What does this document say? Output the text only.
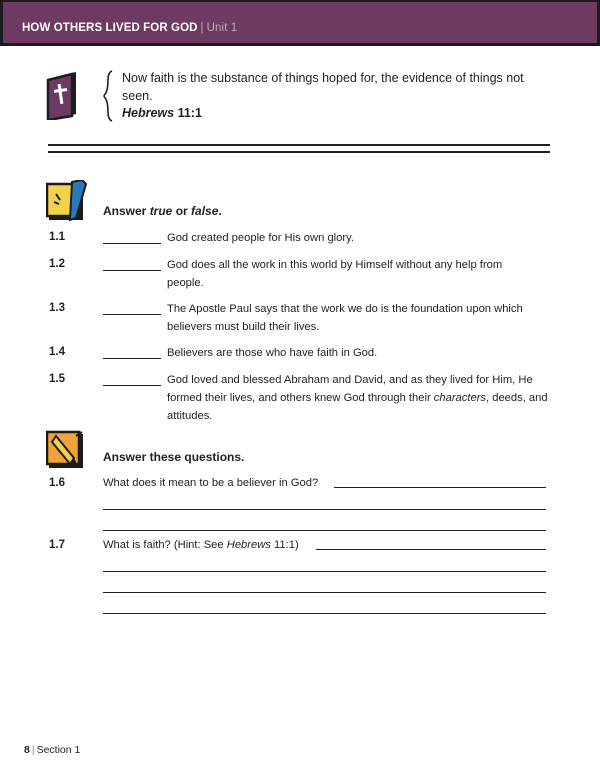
HOW OTHERS LIVED FOR GOD | Unit 1
Now faith is the substance of things hoped for, the evidence of things not seen.
Hebrews 11:1
Answer true or false.
1.1	God created people for His own glory.
1.2	God does all the work in this world by Himself without any help from people.
1.3	The Apostle Paul says that the work we do is the foundation upon which believers must build their lives.
1.4	Believers are those who have faith in God.
1.5	God loved and blessed Abraham and David, and as they lived for Him, He formed their lives, and others knew God through their characters, deeds, and attitudes.
Answer these questions.
1.6	What does it mean to be a believer in God?
1.7	What is faith? (Hint: See Hebrews 11:1)
8 | Section 1
